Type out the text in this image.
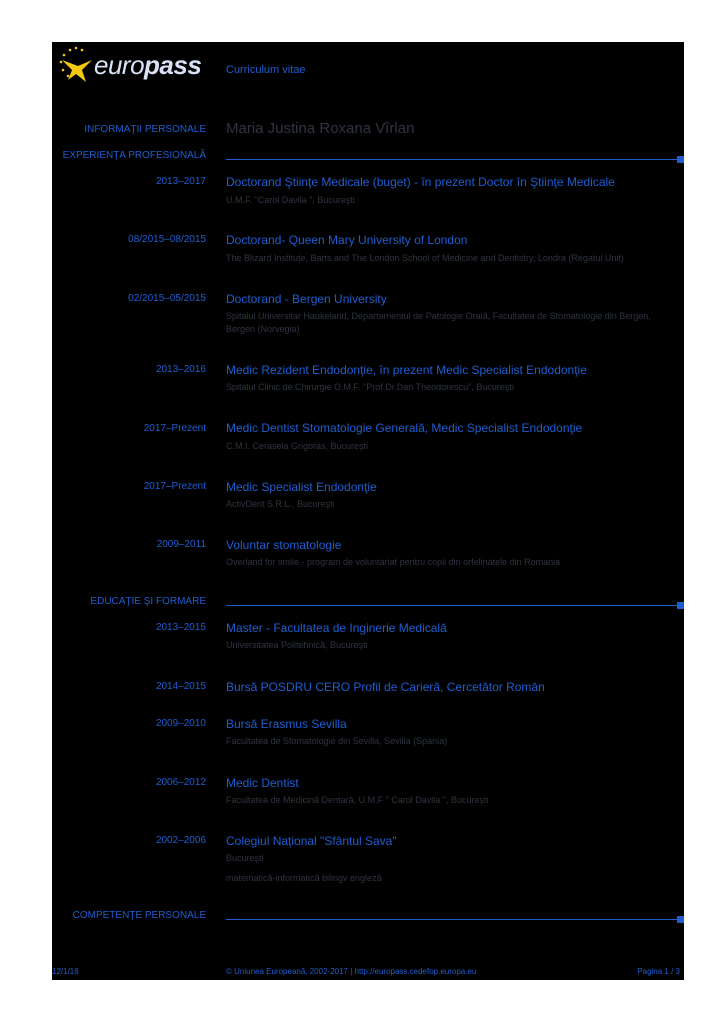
europass Curriculum vitae
INFORMAŢII PERSONALE Maria Justina Roxana Vîrlan
EXPERIENŢA PROFESIONALĂ
2013–2017 Doctorand Ştiinţe Medicale (buget) - în prezent Doctor în Ştiinţe Medicale
U.M.F. "Carol Davila ", Bucureşti
08/2015–08/2015 Doctorand- Queen Mary University of London
The Blizard Institute, Barts and The London School of Medicine and Dentistry, Londra (Regatul Unit)
02/2015–05/2015 Doctorand - Bergen University
Spitalul Universitar Haukeland, Departamentul de Patologie Orală, Facultatea de Stomatologie din Bergen, Bergen (Norvegia)
2013–2016 Medic Rezident Endodonţie, în prezent Medic Specialist Endodonţie
Spitalul Clinic de Chirurgie O.M.F. "Prof.Dr.Dan Theodorescu", Bucureşti
2017–Prezent Medic Dentist Stomatologie Generală, Medic Specialist Endodonţie
C.M.I. Cerasela Grigoras, Bucureşti
2017–Prezent Medic Specialist Endodonţie
ActivDent S.R.L., Bucureşti
2009–2011 Voluntar stomatologie
Overland for smile - program de voluntariat pentru copii din orfelinatele din Romania
EDUCAŢIE ŞI FORMARE
2013–2015 Master - Facultatea de Inginerie Medicală
Universitatea Politehnică, Bucureşti
2014–2015 Bursă POSDRU CERO Profil de Carieră, Cercetător Român
2009–2010 Bursă Erasmus Sevilla
Facultatea de Stomatologie din Sevilla, Sevilla (Spania)
2006–2012 Medic Dentist
Facultatea de Medicină Dentară, U.M.F " Carol Davila ", Bucureşti
2002–2006 Colegiul Naţional "Sfântul Sava"
Bucureşti
matematică-informatică bilingv engleză
COMPETENŢE PERSONALE
12/1/18	© Uniunea Europeană, 2002-2017 | http://europass.cedefop.europa.eu	Pagina 1 / 3
